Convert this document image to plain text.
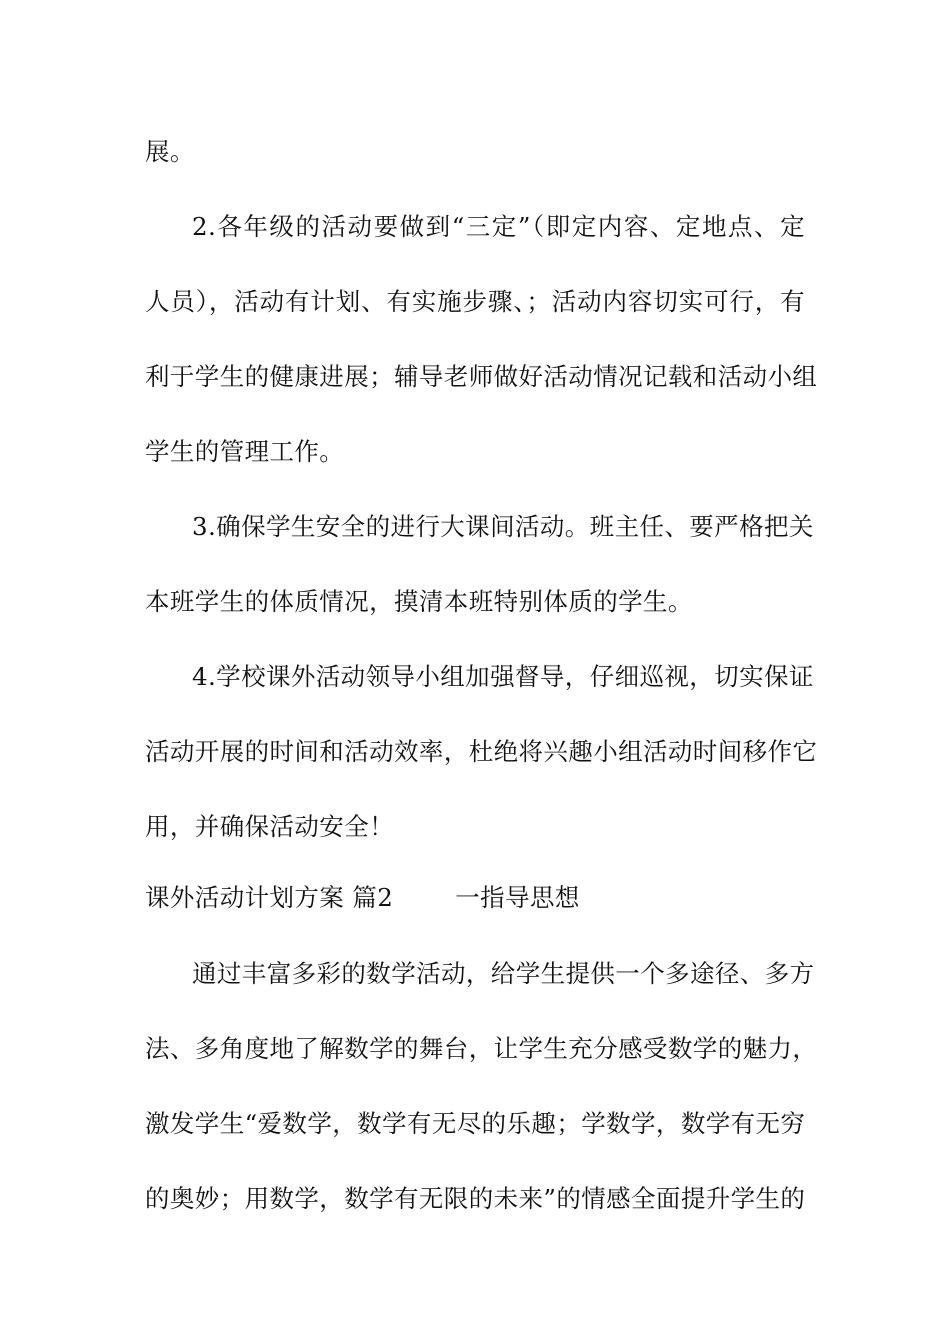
展。
2.各年级的活动要做到“三定”（即定内容、定地点、定
人员），活动有计划、有实施步骤、；活动内容切实可行，有
利于学生的健康进展；辅导老师做好活动情况记载和活动小组
学生的管理工作。
3.确保学生安全的进行大课间活动。班主任、要严格把关
本班学生的体质情况，摸清本班特别体质的学生。
4.学校课外活动领导小组加强督导，仔细巡视，切实保证
活动开展的时间和活动效率，杜绝将兴趣小组活动时间移作它
用，并确保活动安全！
课外活动计划方案 篇2	一指导思想
通过丰富多彩的数学活动，给学生提供一个多途径、多方
法、多角度地了解数学的舞台，让学生充分感受数学的魅力，
激发学生“爱数学，数学有无尽的乐趣；学数学，数学有无穷
的奥妙；用数学，数学有无限的未来”的情感全面提升学生的
